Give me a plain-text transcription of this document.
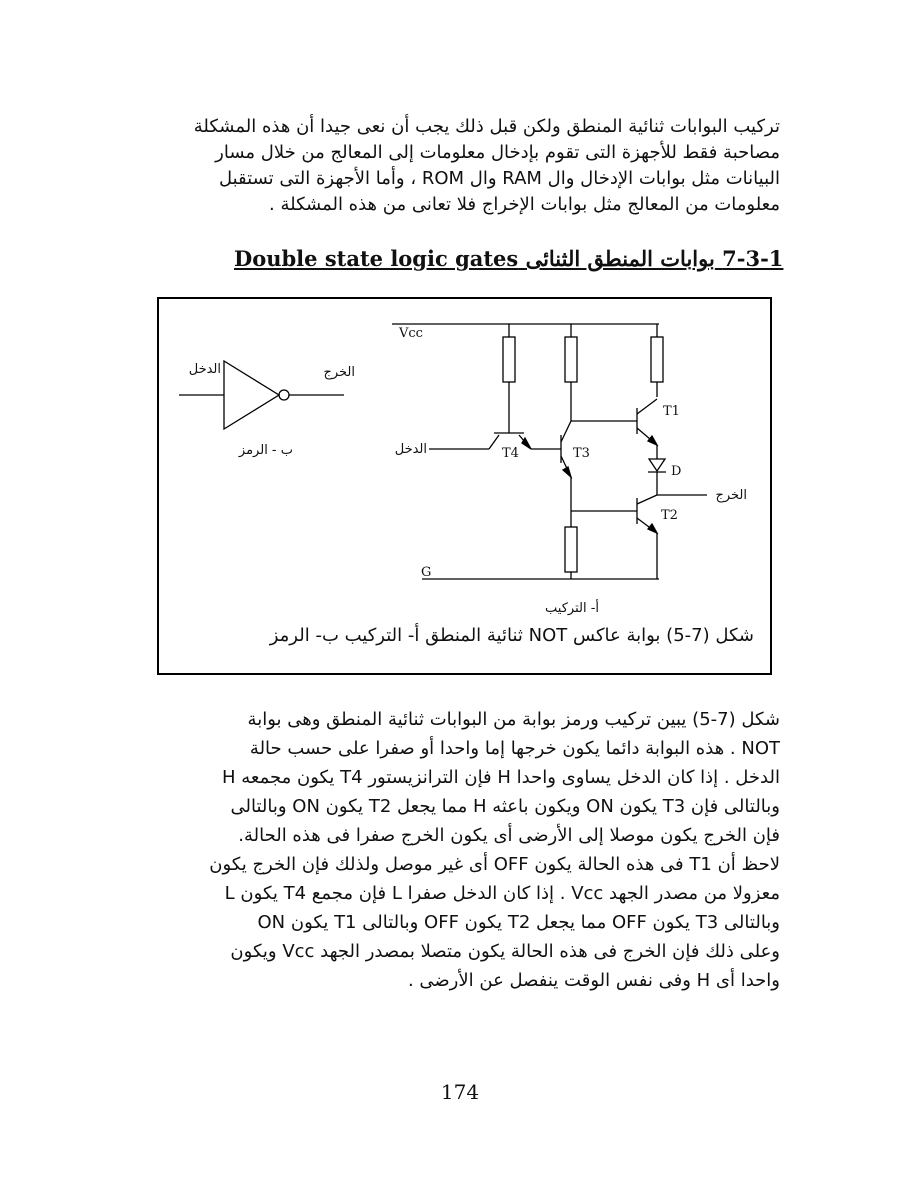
تركيب البوابات ثنائية المنطق ولكن قبل ذلك يجب أن نعى جيدا أن هذه المشكلة
مصاحبة فقط للأجهزة التى تقوم بإدخال معلومات إلى المعالج من خلال مسار
البيانات مثل بوابات الإدخال وال RAM وال ROM ، وأما الأجهزة التى تستقبل
معلومات من المعالج مثل بوابات الإخراج فلا تعانى من هذه المشكلة .
Double state logic gates بوابات المنطق الثنائى 7-3-1
Vcc
G
الدخل
الخرج
T1
T2
T3
T4
D
الدخل	الخرج
ب - الرمز
أ- التركيب
شكل (7-5) بوابة عاكس NOT ثنائية المنطق أ- التركيب ب- الرمز
شكل (7-5) يبين تركيب ورمز بوابة من البوابات ثنائية المنطق وهى بوابة
NOT . هذه البوابة دائما يكون خرجها إما واحدا أو صفرا على حسب حالة
الدخل . إذا كان الدخل يساوى واحدا H فإن الترانزيستور T4 يكون مجمعه H
وبالتالى فإن T3 يكون ON ويكون باعثه H مما يجعل T2 يكون ON وبالتالى
فإن الخرج يكون موصلا إلى الأرضى أى يكون الخرج صفرا فى هذه الحالة.
لاحظ أن T1 فى هذه الحالة يكون OFF أى غير موصل ولذلك فإن الخرج يكون
معزولا من مصدر الجهد Vcc . إذا كان الدخل صفرا L فإن مجمع T4 يكون L
وبالتالى T3 يكون OFF مما يجعل T2 يكون OFF وبالتالى T1 يكون ON
وعلى ذلك فإن الخرج فى هذه الحالة يكون متصلا بمصدر الجهد Vcc ويكون
واحدا أى H وفى نفس الوقت ينفصل عن الأرضى .
174
